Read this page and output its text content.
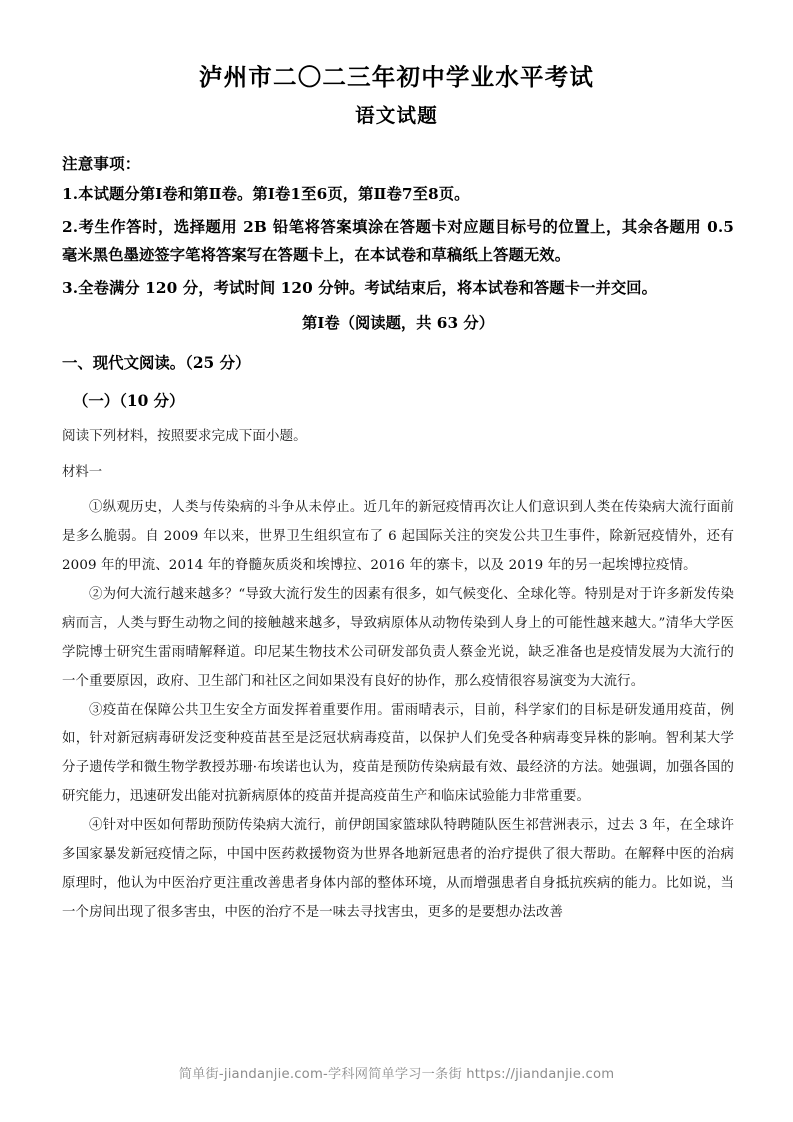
泸州市二〇二三年初中学业水平考试
语文试题
注意事项：
1.本试题分第Ⅰ卷和第Ⅱ卷。第Ⅰ卷1至6页，第Ⅱ卷7至8页。
2.考生作答时，选择题用 2B 铅笔将答案填涂在答题卡对应题目标号的位置上，其余各题用 0.5 毫米黑色墨迹签字笔将答案写在答题卡上，在本试卷和草稿纸上答题无效。
3.全卷满分 120 分，考试时间 120 分钟。考试结束后，将本试卷和答题卡一并交回。
第Ⅰ卷（阅读题，共 63 分）
一、现代文阅读。（25 分）
（一）（10 分）
阅读下列材料，按照要求完成下面小题。
材料一

①纵观历史，人类与传染病的斗争从未停止。近几年的新冠疫情再次让人们意识到人类在传染病大流行面前是多么脆弱。自 2009 年以来，世界卫生组织宣布了 6 起国际关注的突发公共卫生事件，除新冠疫情外，还有 2009 年的甲流、2014 年的脊髓灰质炎和埃博拉、2016 年的寨卡，以及 2019 年的另一起埃博拉疫情。

②为何大流行越来越多？“导致大流行发生的因素有很多，如气候变化、全球化等。特别是对于许多新发传染病而言，人类与野生动物之间的接触越来越多，导致病原体从动物传染到人身上的可能性越来越大。”清华大学医学院博士研究生雷雨晴解释道。印尼某生物技术公司研发部负责人蔡金光说，缺乏准备也是疫情发展为大流行的一个重要原因，政府、卫生部门和社区之间如果没有良好的协作，那么疫情很容易演变为大流行。

③疫苗在保障公共卫生安全方面发挥着重要作用。雷雨晴表示，目前，科学家们的目标是研发通用疫苗，例如，针对新冠病毒研发泛变种疫苗甚至是泛冠状病毒疫苗，以保护人们免受各种病毒变异株的影响。智利某大学分子遗传学和微生物学教授苏珊·布埃诺也认为，疫苗是预防传染病最有效、最经济的方法。她强调，加强各国的研究能力，迅速研发出能对抗新病原体的疫苗并提高疫苗生产和临床试验能力非常重要。

④针对中医如何帮助预防传染病大流行，前伊朗国家篮球队特聘随队医生祁营洲表示，过去 3 年，在全球许多国家暴发新冠疫情之际，中国中医药救援物资为世界各地新冠患者的治疗提供了很大帮助。在解释中医的治病原理时，他认为中医治疗更注重改善患者身体内部的整体环境，从而增强患者自身抵抗疾病的能力。比如说，当一个房间出现了很多害虫，中医的治疗不是一味去寻找害虫，更多的是要想办法改善

简单街-jiandanjie.com-学科网简单学习一条街 https://jiandanjie.com
